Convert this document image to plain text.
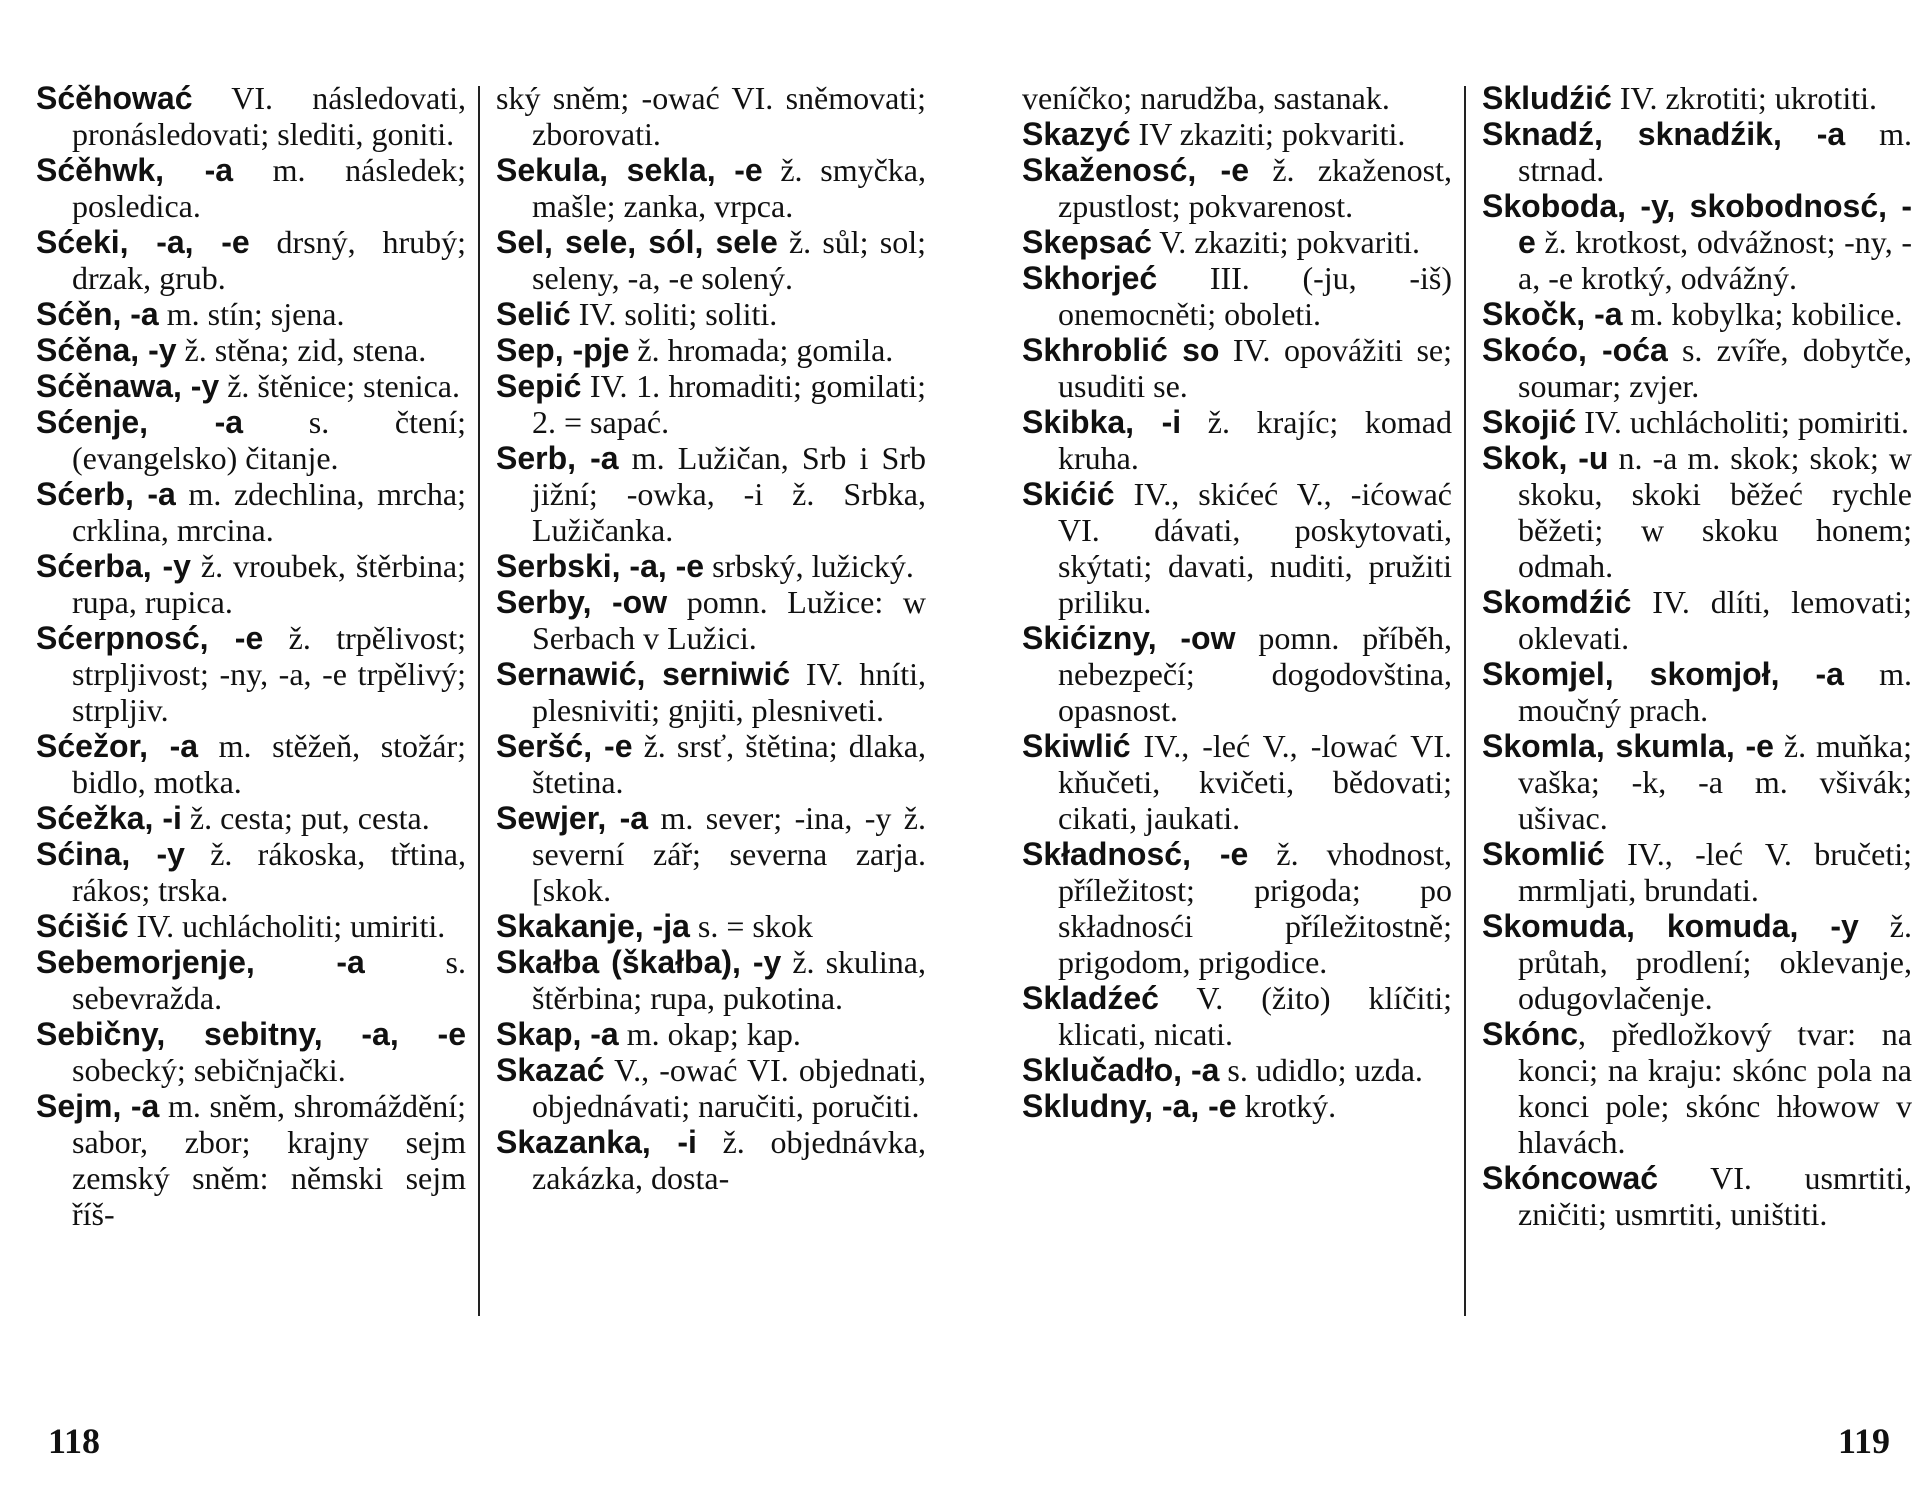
Sćěhować VI. následovati, pronásledovati; slediti, goniti.

Sćěhwk, -a m. následek; posledica.

Sćeki, -a, -e drsný, hrubý; drzak, grub.

Sćěn, -a m. stín; sjena.

Sćěna, -y ž. stěna; zid, stena.

Sćěnawa, -y ž. štěnice; stenica.

Sćenje, -a s. čtení; (evangelsko) čitanje.

Sćerb, -a m. zdechlina, mrcha; crklina, mrcina.

Sćerba, -y ž. vroubek, štěrbina; rupa, rupica.

Sćerpnosć, -e ž. trpělivost; strpljivost; -ny, -a, -e trpělivý; strpljiv.

Sćežor, -a m. stěžeň, stožár; bidlo, motka.

Sćežka, -i ž. cesta; put, cesta.

Sćina, -y ž. rákoska, třtina, rákos; trska.

Sćišić IV. uchlácholiti; umiriti.

Sebemorjenje, -a s. sebevražda.

Sebičny, sebitny, -a, -e sobecký; sebičnjački.

Sejm, -a m. sněm, shromáždění; sabor, zbor; krajny sejm zemský sněm: němski sejm říš-

ský sněm; -ować VI. sněmovati; zborovati.

Sekula, sekla, -e ž. smyčka, mašle; zanka, vrpca.

Sel, sele, sól, sele ž. sůl; sol; seleny, -a, -e solený.

Selić IV. soliti; soliti.

Sep, -pje ž. hromada; gomila.

Sepić IV. 1. hromaditi; gomilati; 2. = sapać.

Serb, -a m. Lužičan, Srb i Srb jižní; -owka, -i ž. Srbka, Lužičanka.

Serbski, -a, -e srbský, lužický.

Serby, -ow pomn. Lužice: w Serbach v Lužici.

Sernawić, serniwić IV. hníti, plesniviti; gnjiti, plesniveti.

Seršć, -e ž. srsť, štětina; dlaka, štetina.

Sewjer, -a m. sever; -ina, -y ž. severní zář; severna zarja. [skok.

Skakanje, -ja s. = skok

Skałba (škałba), -y ž. skulina, štěrbina; rupa, pukotina.

Skap, -a m. okap; kap.

Skazać V., -ować VI. objednati, objednávati; naručiti, poručiti.

Skazanka, -i ž. objednávka, zakázka, dosta-

118

veníčko; narudžba, sastanak.

Skazyć IV zkaziti; pokvariti.

Skaženosć, -e ž. zkaženost, zpustlost; pokvarenost.

Skepsać V. zkaziti; pokvariti.

Skhorjeć III. (-ju, -iš) onemocněti; oboleti.

Skhroblić so IV. opovážiti se; usuditi se.

Skibka, -i ž. krajíc; komad kruha.

Skićić IV., skićeć V., -ićować VI. dávati, poskytovati, skýtati; davati, nuditi, pružiti priliku.

Skićizny, -ow pomn. příběh, nebezpečí; dogodovština, opasnost.

Skiwlić IV., -leć V., -lować VI. kňučeti, kvičeti, bědovati; cikati, jaukati.

Składnosć, -e ž. vhodnost, příležitost; prigoda; po składnosći příležitostně; prigodom, prigodice.

Skladźeć V. (žito) klíčiti; klicati, nicati.

Sklučadło, -a s. udidlo; uzda.

Skludny, -a, -e krotký.

Skludźić IV. zkrotiti; ukrotiti.

Sknadź, sknadźik, -a m. strnad.

Skoboda, -y, skobodnosć, -e ž. krotkost, odvážnost; -ny, -a, -e krotký, odvážný.

Skočk, -a m. kobylka; kobilice.

Skoćo, -oća s. zvíře, dobytče, soumar; zvjer.

Skojić IV. uchlácholiti; pomiriti.

Skok, -u n. -a m. skok; skok; w skoku, skoki běžeć rychle běžeti; w skoku honem; odmah.

Skomdźić IV. dlíti, lemovati; oklevati.

Skomjel, skomjoł, -a m. moučný prach.

Skomla, skumla, -e ž. muňka; vaška; -k, -a m. všivák; ušivac.

Skomlić IV., -leć V. bručeti; mrmljati, brundati.

Skomuda, komuda, -y ž. průtah, prodlení; oklevanje, odugovlačenje.

Skónc, předložkový tvar: na konci; na kraju: skónc pola na konci pole; skónc hłowow v hlavách.

Skóncować VI. usmrtiti, zničiti; usmrtiti, uništiti.

119
